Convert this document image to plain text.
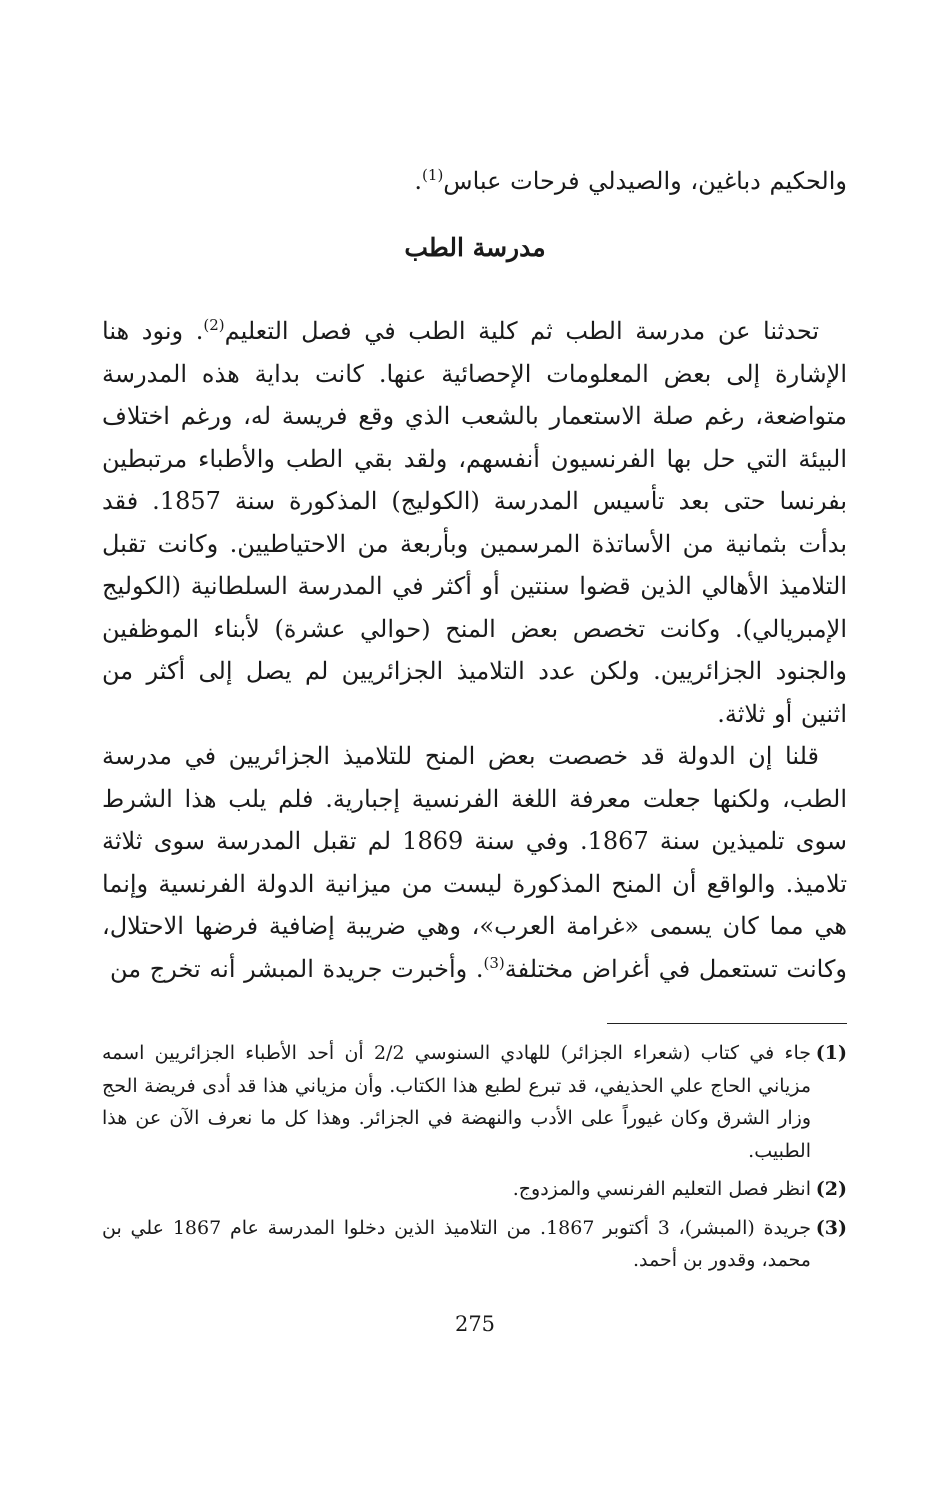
والحكيم دباغين، والصيدلي فرحات عباس$^{(1)}$.
مدرسة الطب
تحدثنا عن مدرسة الطب ثم كلية الطب في فصل التعليم$^{(2)}$. ونود هنا الإشارة إلى بعض المعلومات الإحصائية عنها. كانت بداية هذه المدرسة متواضعة، رغم صلة الاستعمار بالشعب الذي وقع فريسة له، ورغم اختلاف البيئة التي حل بها الفرنسيون أنفسهم، ولقد بقي الطب والأطباء مرتبطين بفرنسا حتى بعد تأسيس المدرسة (الكوليج) المذكورة سنة 1857. فقد بدأت بثمانية من الأساتذة المرسمين وبأربعة من الاحتياطيين. وكانت تقبل التلاميذ الأهالي الذين قضوا سنتين أو أكثر في المدرسة السلطانية (الكوليج الإمبريالي). وكانت تخصص بعض المنح (حوالي عشرة) لأبناء الموظفين والجنود الجزائريين. ولكن عدد التلاميذ الجزائريين لم يصل إلى أكثر من اثنين أو ثلاثة.
قلنا إن الدولة قد خصصت بعض المنح للتلاميذ الجزائريين في مدرسة الطب، ولكنها جعلت معرفة اللغة الفرنسية إجبارية. فلم يلب هذا الشرط سوى تلميذين سنة 1867. وفي سنة 1869 لم تقبل المدرسة سوى ثلاثة تلاميذ. والواقع أن المنح المذكورة ليست من ميزانية الدولة الفرنسية وإنما هي مما كان يسمى «غرامة العرب»، وهي ضريبة إضافية فرضها الاحتلال، وكانت تستعمل في أغراض مختلفة$^{(3)}$. وأخبرت جريدة المبشر أنه تخرج من
(1)
جاء في كتاب (شعراء الجزائر) للهادي السنوسي 2/2 أن أحد الأطباء الجزائريين اسمه مزياني الحاج علي الحذيفي، قد تبرع لطبع هذا الكتاب. وأن مزياني هذا قد أدى فريضة الحج وزار الشرق وكان غيوراً على الأدب والنهضة في الجزائر. وهذا كل ما نعرف الآن عن هذا الطبيب.
(2)
انظر فصل التعليم الفرنسي والمزدوج.
(3)
جريدة (المبشر)، 3 أكتوبر 1867. من التلاميذ الذين دخلوا المدرسة عام 1867 علي بن محمد، وقدور بن أحمد.
275
